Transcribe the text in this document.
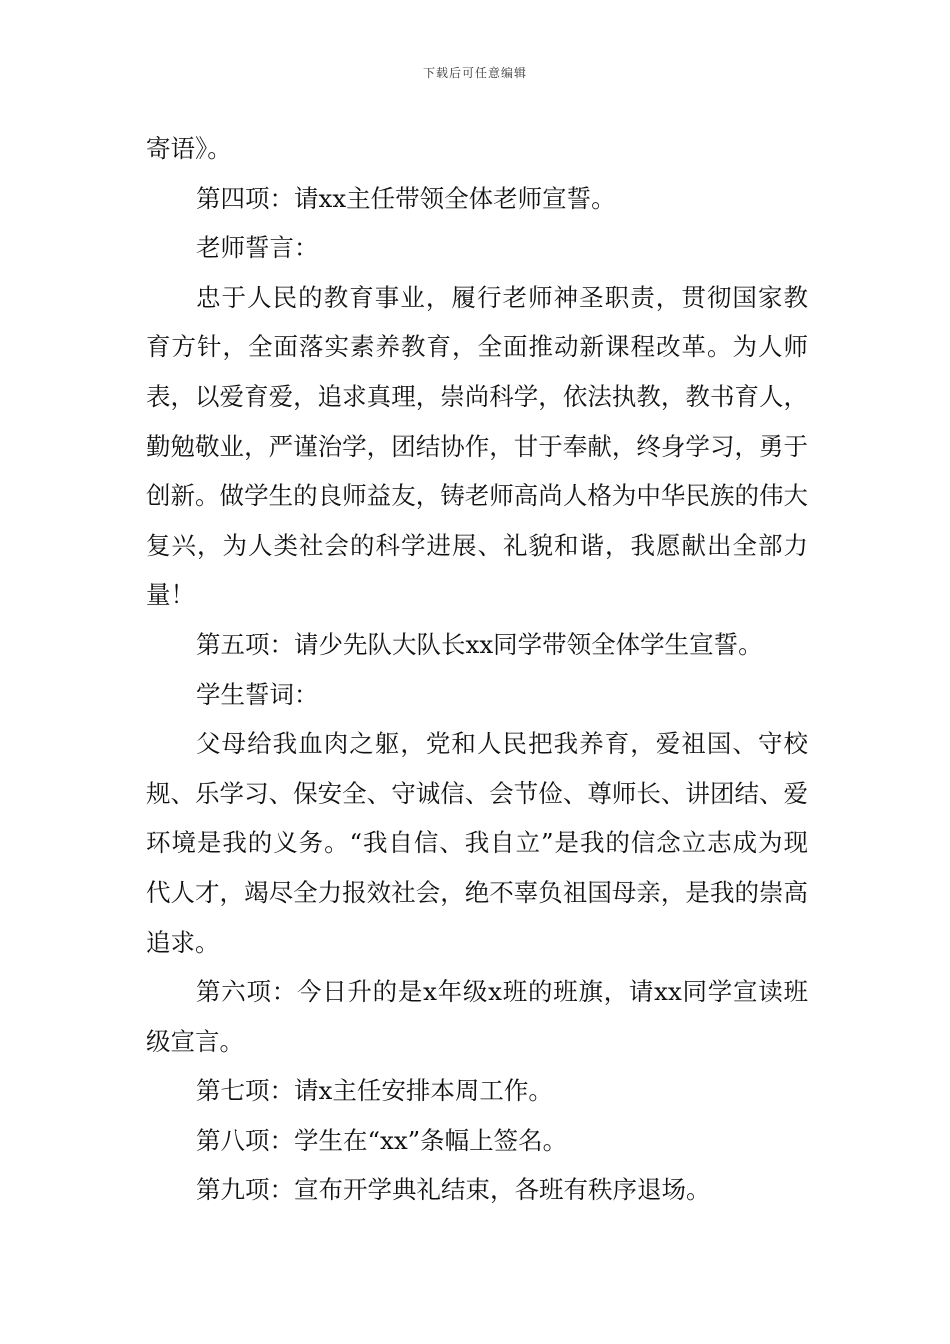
下载后可任意编辑

寄语》。

第四项：请xx主任带领全体老师宣誓。

老师誓言：

忠于人民的教育事业，履行老师神圣职责，贯彻国家教育方针，全面落实素养教育，全面推动新课程改革。为人师表，以爱育爱，追求真理，崇尚科学，依法执教，教书育人，勤勉敬业，严谨治学，团结协作，甘于奉献，终身学习，勇于创新。做学生的良师益友，铸老师高尚人格为中华民族的伟大复兴，为人类社会的科学进展、礼貌和谐，我愿献出全部力量！

第五项：请少先队大队长xx同学带领全体学生宣誓。

学生誓词：

父母给我血肉之躯，党和人民把我养育，爱祖国、守校规、乐学习、保安全、守诚信、会节俭、尊师长、讲团结、爱环境是我的义务。“我自信、我自立”是我的信念立志成为现代人才，竭尽全力报效社会，绝不辜负祖国母亲，是我的崇高追求。

第六项：今日升的是x年级x班的班旗，请xx同学宣读班级宣言。

第七项：请x主任安排本周工作。

第八项：学生在“xx”条幅上签名。

第九项：宣布开学典礼结束，各班有秩序退场。
